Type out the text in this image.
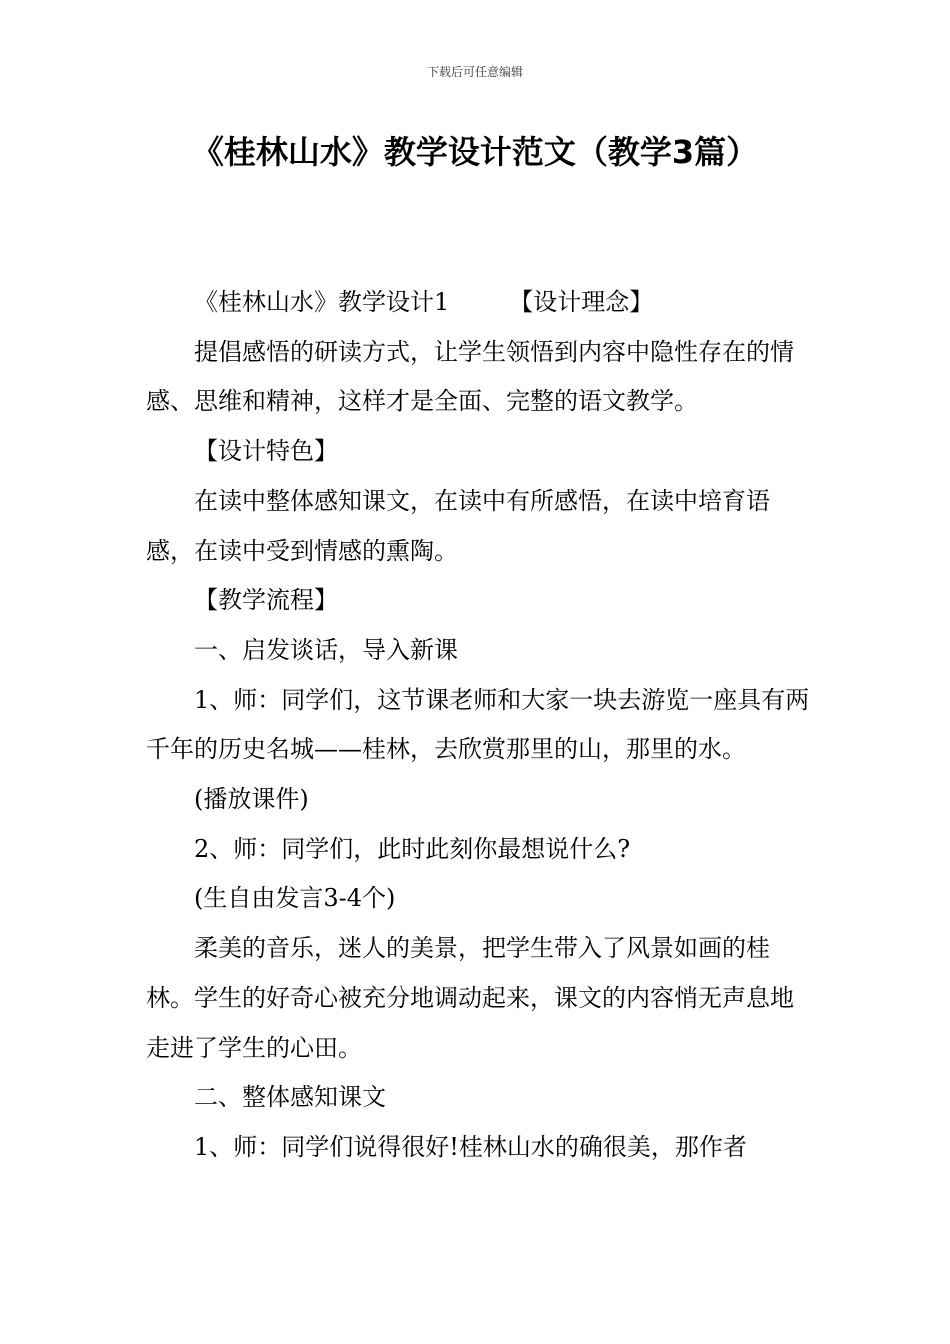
下载后可任意编辑
《桂林山水》教学设计范文（教学3篇）

《桂林山水》教学设计1	【设计理念】

提倡感悟的研读方式，让学生领悟到内容中隐性存在的情感、思维和精神，这样才是全面、完整的语文教学。

【设计特色】

在读中整体感知课文，在读中有所感悟，在读中培育语感，在读中受到情感的熏陶。

【教学流程】

一、启发谈话，导入新课

1、师：同学们，这节课老师和大家一块去游览一座具有两千年的历史名城——桂林，去欣赏那里的山，那里的水。

(播放课件)

2、师：同学们，此时此刻你最想说什么?

(生自由发言3-4个)

柔美的音乐，迷人的美景，把学生带入了风景如画的桂林。学生的好奇心被充分地调动起来，课文的内容悄无声息地走进了学生的心田。

二、整体感知课文

1、师：同学们说得很好!桂林山水的确很美，那作者
